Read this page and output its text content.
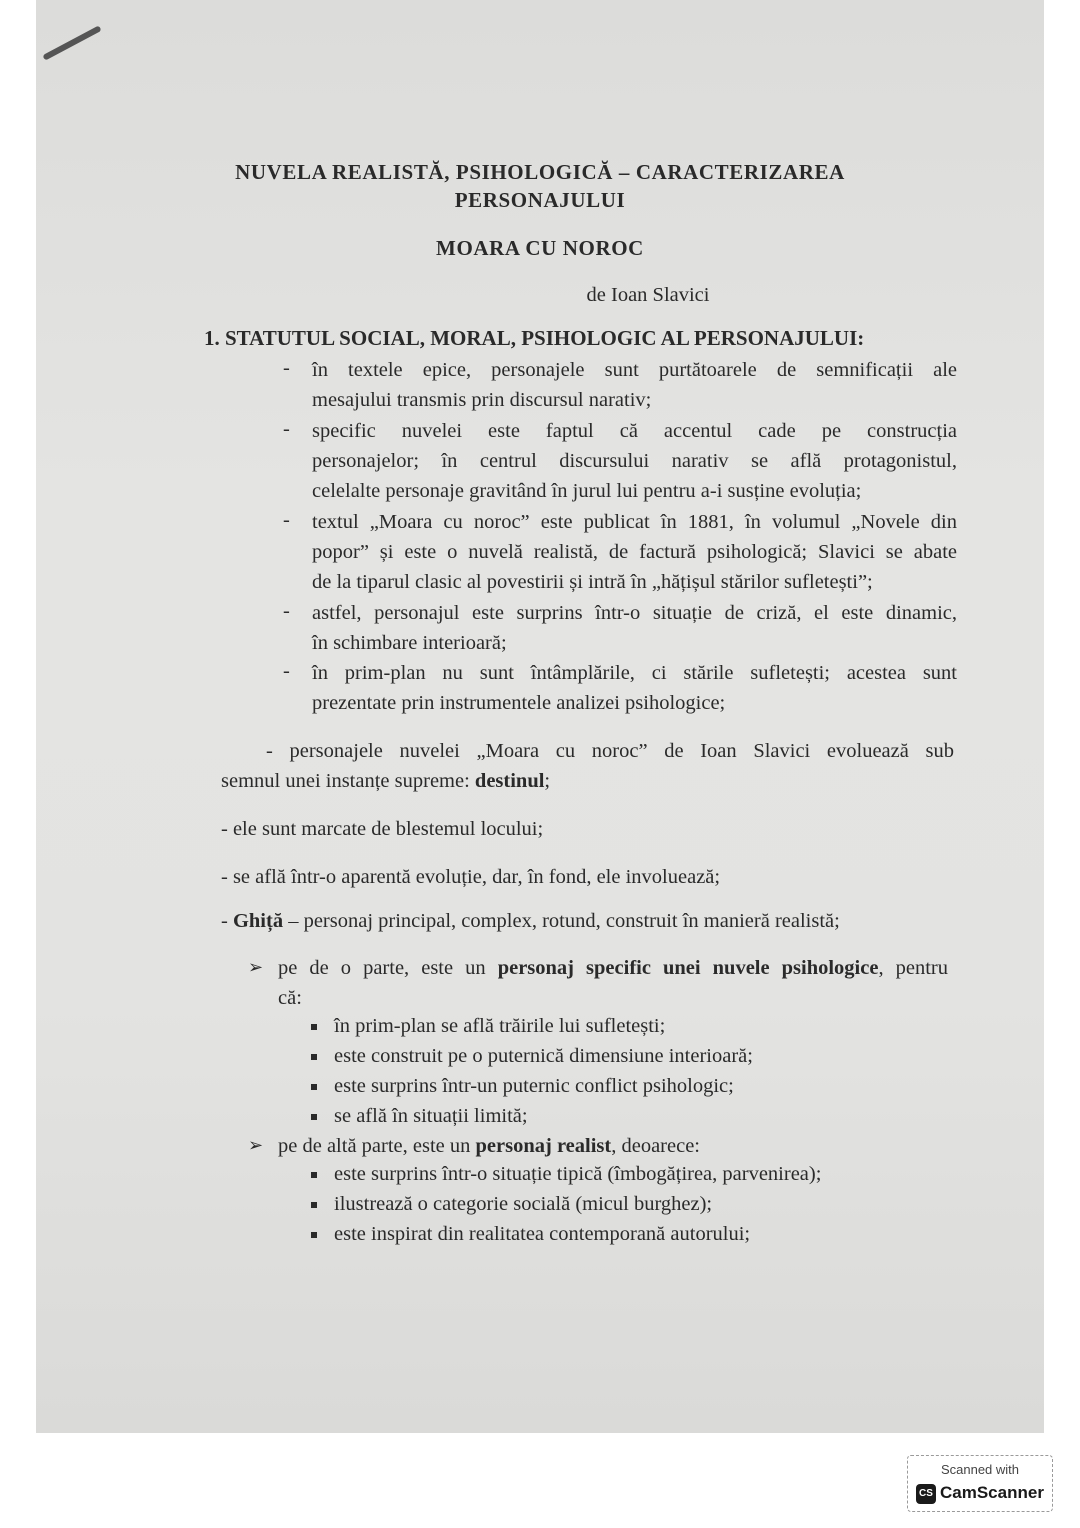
NUVELA REALISTĂ, PSIHOLOGICĂ – CARACTERIZAREA
PERSONAJULUI
MOARA CU NOROC
de Ioan Slavici
1. STATUTUL SOCIAL, MORAL, PSIHOLOGIC AL PERSONAJULUI:
- în textele epice, personajele sunt purtătoarele de semnificații ale
mesajului transmis prin discursul narativ;
- specific nuvelei este faptul că accentul cade pe construcția
personajelor; în centrul discursului narativ se află protagonistul,
celelalte personaje gravitând în jurul lui pentru a-i susține evoluția;
- textul „Moara cu noroc” este publicat în 1881, în volumul „Novele din
popor” și este o nuvelă realistă, de factură psihologică; Slavici se abate
de la tiparul clasic al povestirii și intră în „hățișul stărilor sufletești”;
- astfel, personajul este surprins într-o situație de criză, el este dinamic,
în schimbare interioară;
- în prim-plan nu sunt întâmplările, ci stările sufletești; acestea sunt
prezentate prin instrumentele analizei psihologice;
- personajele nuvelei „Moara cu noroc” de Ioan Slavici evoluează sub
semnul unei instanțe supreme: destinul;
- ele sunt marcate de blestemul locului;
- se află într-o aparentă evoluție, dar, în fond, ele involuează;
- Ghiță – personaj principal, complex, rotund, construit în manieră realistă;
➢ pe de o parte, este un personaj specific unei nuvele psihologice, pentru
că:
în prim-plan se află trăirile lui sufletești;
este construit pe o puternică dimensiune interioară;
este surprins într-un puternic conflict psihologic;
se află în situații limită;
➢ pe de altă parte, este un personaj realist, deoarece:
este surprins într-o situație tipică (îmbogățirea, parvenirea);
ilustrează o categorie socială (micul burghez);
este inspirat din realitatea contemporană autorului;
Scanned with
CS CamScanner
